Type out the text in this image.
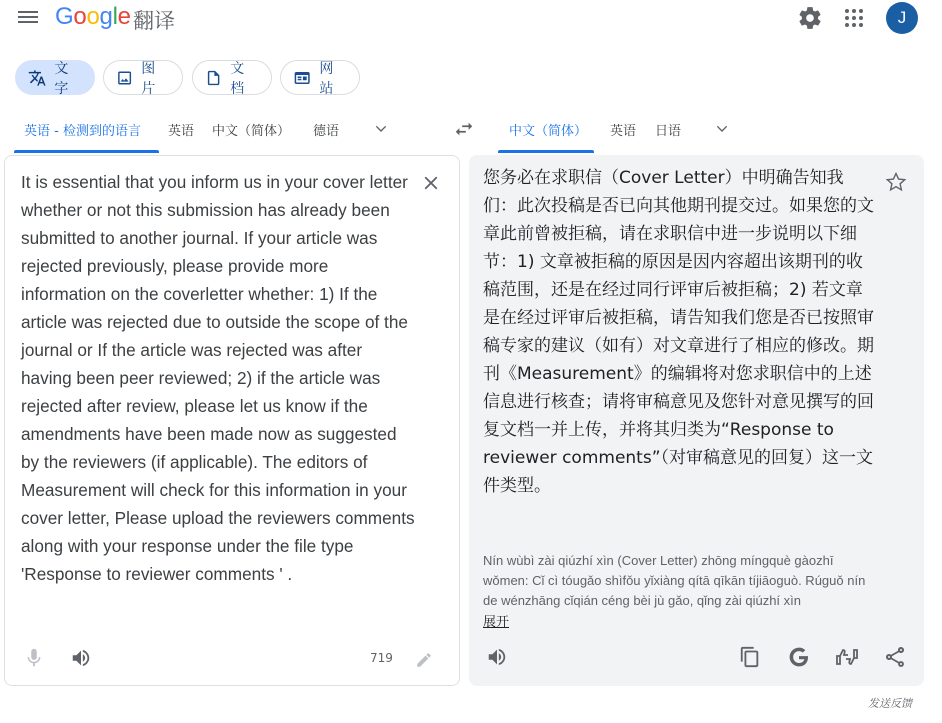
Google 翻译	J
文字
图片
文档
网站
英语 - 检测到的语言 英语 中文（简体） 德语	中文（简体） 英语 日语
It is essential that you inform us in your cover letter whether or not this submission has already been submitted to another journal. If your article was rejected previously, please provide more information on the coverletter whether: 1) If the article was rejected due to outside the scope of the journal or If the article was rejected was after having been peer reviewed; 2) if the article was rejected after review, please let us know if the amendments have been made now as suggested by the reviewers (if applicable). The editors of Measurement will check for this information in your cover letter, Please upload the reviewers comments along with your response under the file type 'Response to reviewer comments ' .
719
您务必在求职信（Cover Letter）中明确告知我们：此次投稿是否已向其他期刊提交过。如果您的文章此前曾被拒稿，请在求职信中进一步说明以下细节：1) 文章被拒稿的原因是因内容超出该期刊的收稿范围，还是在经过同行评审后被拒稿；2) 若文章是在经过评审后被拒稿，请告知我们您是否已按照审稿专家的建议（如有）对文章进行了相应的修改。期刊《Measurement》的编辑将对您求职信中的上述信息进行核查；请将审稿意见及您针对意见撰写的回复文档一并上传，并将其归类为“Response to reviewer comments”（对审稿意见的回复）这一文件类型。
Nín wùbì zài qiúzhí xìn (Cover Letter) zhōng míngquè gàozhī wǒmen: Cǐ cì tóugǎo shìfǒu yǐxiàng qítā qīkān tíjiāoguò. Rúguǒ nín de wénzhāng cǐqián céng bèi jù gǎo, qǐng zài qiúzhí xìn
展开
发送反馈
